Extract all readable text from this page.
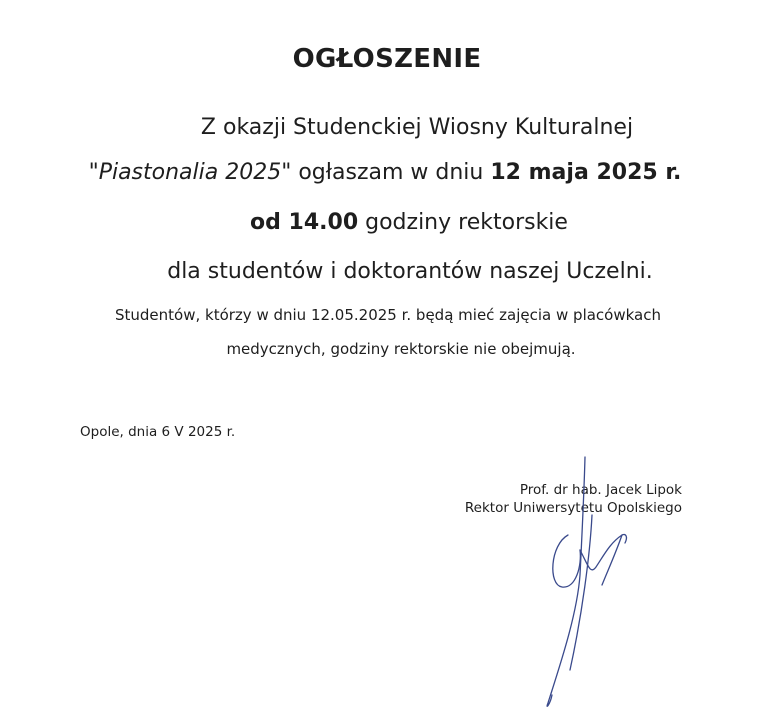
OGŁOSZENIE
Z okazji Studenckiej Wiosny Kulturalnej
"Piastonalia 2025" ogłaszam w dniu 12 maja 2025 r.
od 14.00 godziny rektorskie
dla studentów i doktorantów naszej Uczelni.
Studentów, którzy w dniu 12.05.2025 r. będą mieć zajęcia w placówkach
medycznych, godziny rektorskie nie obejmują.
Opole, dnia 6 V 2025 r.
Prof. dr hab. Jacek Lipok
Rektor Uniwersytetu Opolskiego
